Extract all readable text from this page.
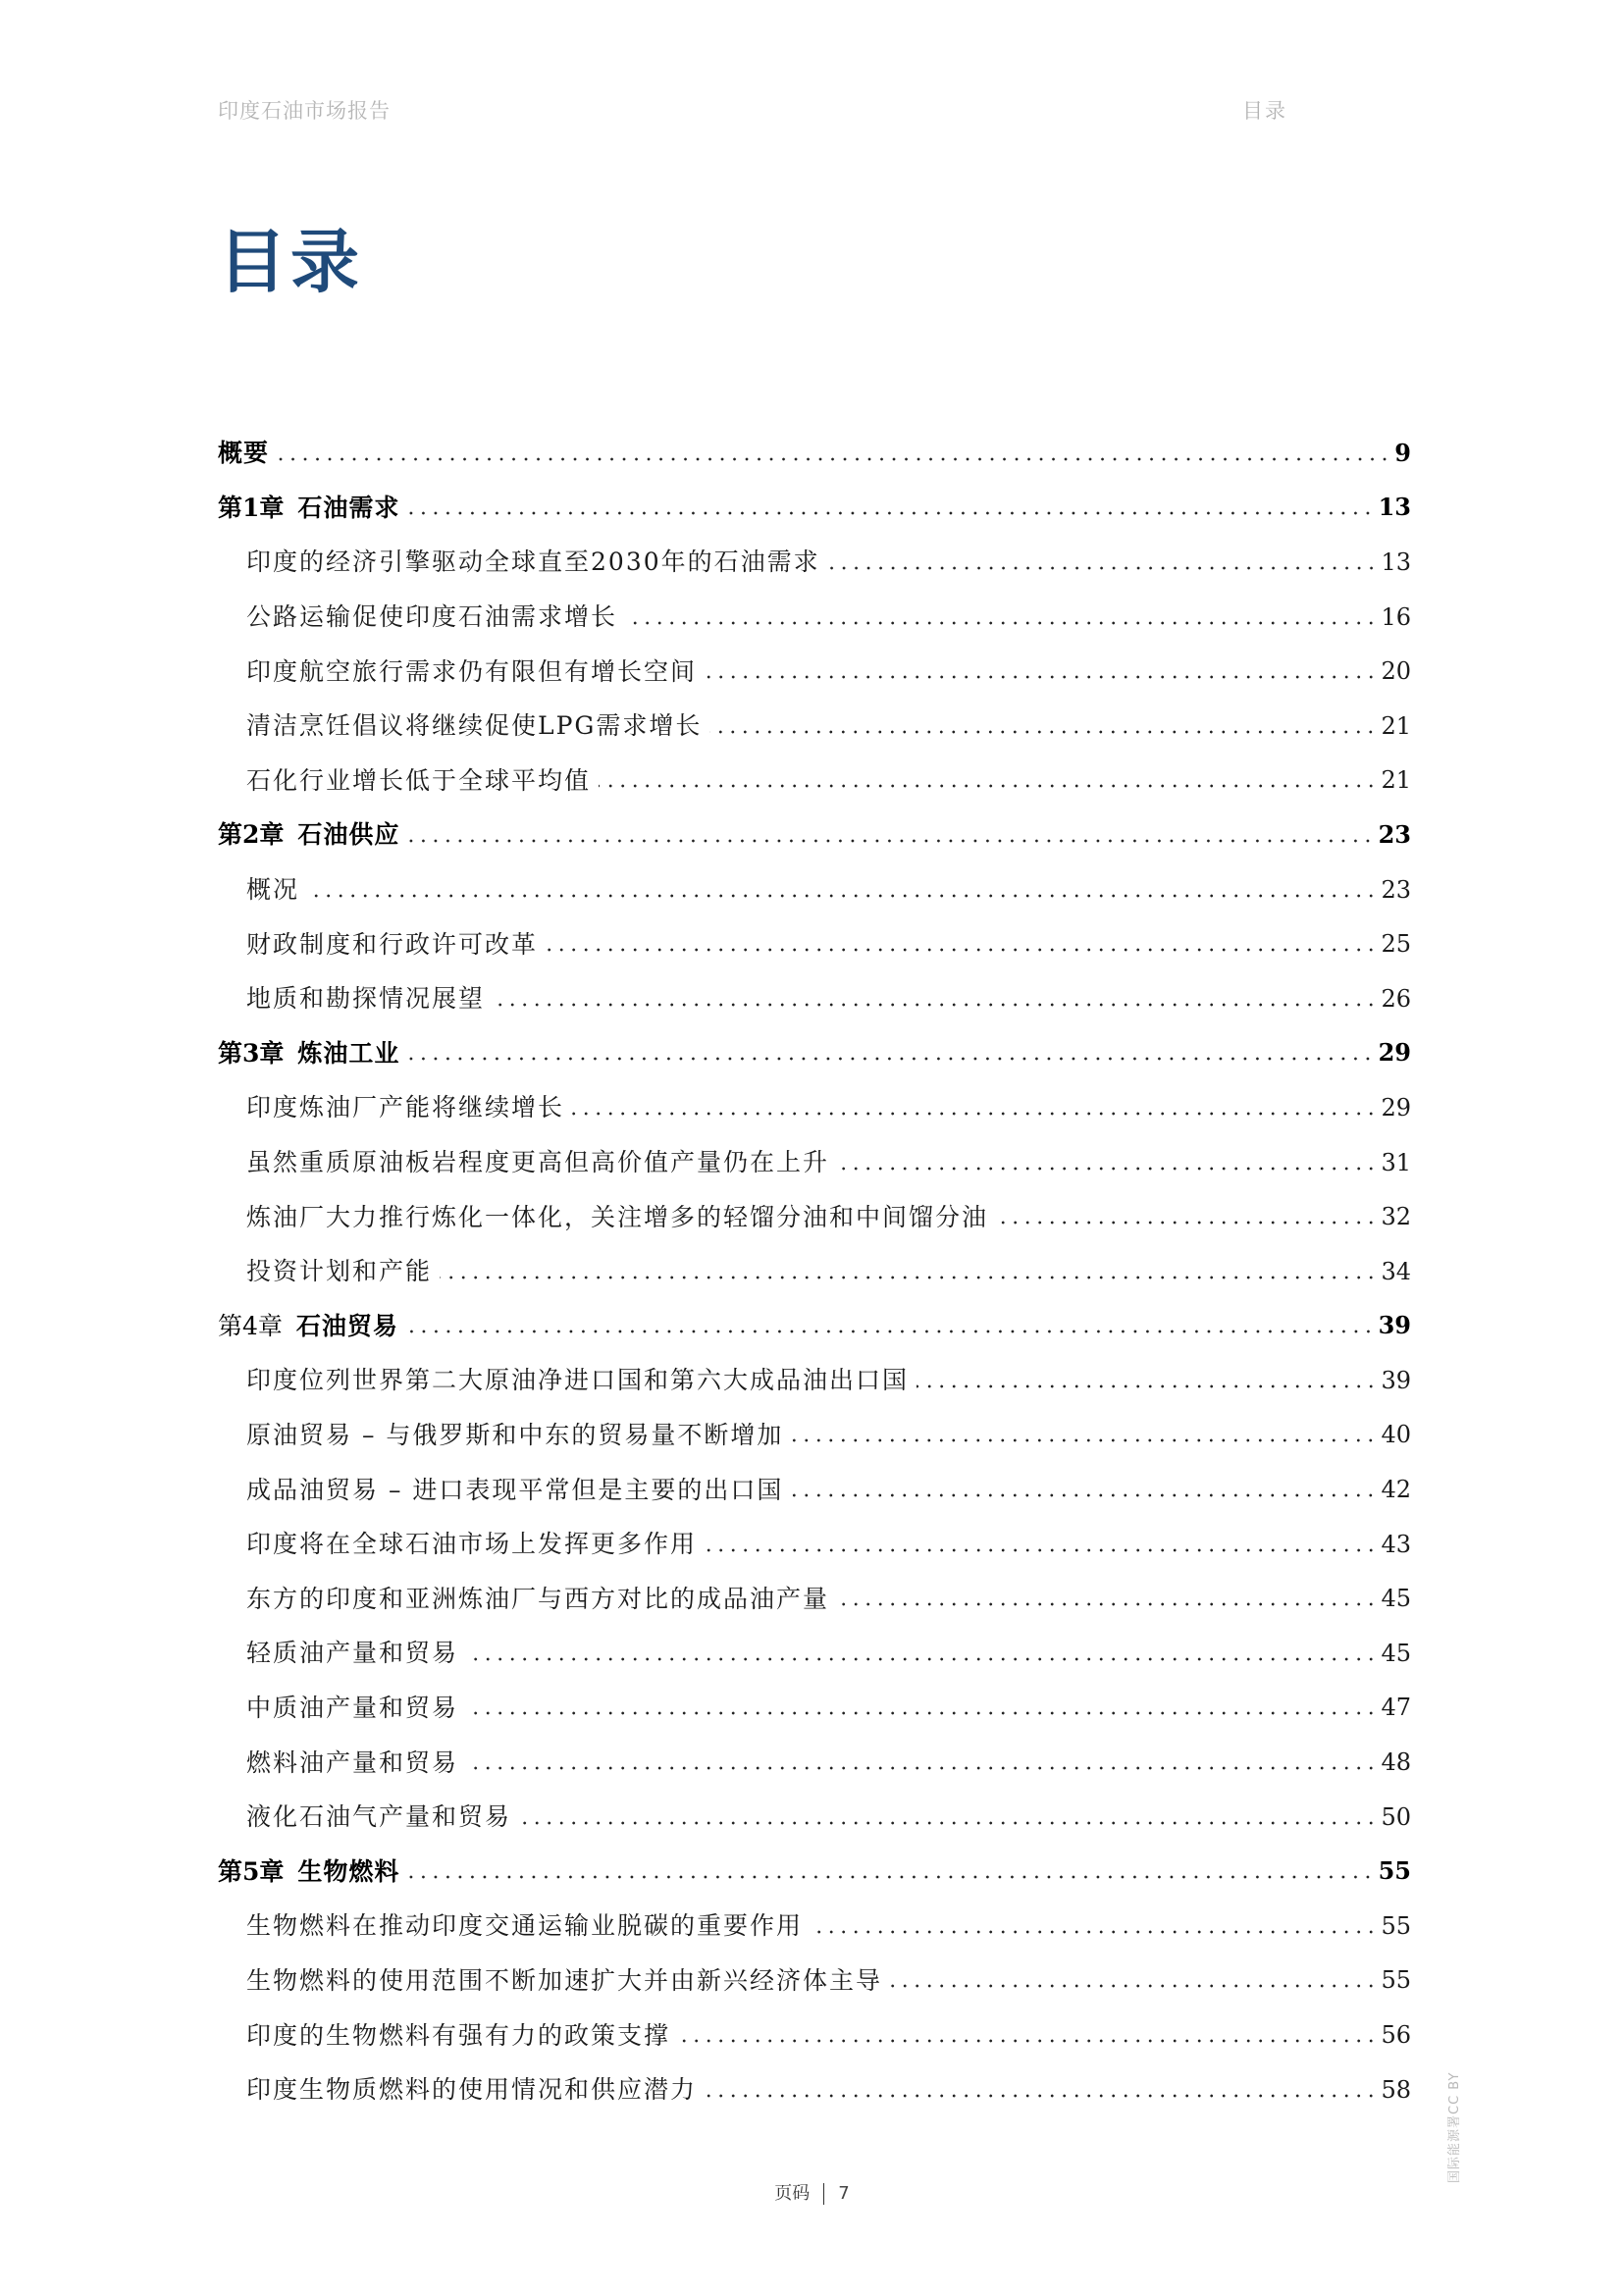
印度石油市场报告	目录
目录
概要	9
第1章 石油需求	13
印度的经济引擎驱动全球直至2030年的石油需求	13
公路运输促使印度石油需求增长	16
印度航空旅行需求仍有限但有增长空间	20
清洁烹饪倡议将继续促使LPG需求增长	21
石化行业增长低于全球平均值	21
第2章 石油供应	23
概况	23
财政制度和行政许可改革	25
地质和勘探情况展望	26
第3章 炼油工业	29
印度炼油厂产能将继续增长	29
虽然重质原油板岩程度更高但高价值产量仍在上升	31
炼油厂大力推行炼化一体化，关注增多的轻馏分油和中间馏分油	32
投资计划和产能	34
第4章 石油贸易	39
印度位列世界第二大原油净进口国和第六大成品油出口国	39
原油贸易 – 与俄罗斯和中东的贸易量不断增加	40
成品油贸易 – 进口表现平常但是主要的出口国	42
印度将在全球石油市场上发挥更多作用	43
东方的印度和亚洲炼油厂与西方对比的成品油产量	45
轻质油产量和贸易	45
中质油产量和贸易	47
燃料油产量和贸易	48
液化石油气产量和贸易	50
第5章 生物燃料	55
生物燃料在推动印度交通运输业脱碳的重要作用	55
生物燃料的使用范围不断加速扩大并由新兴经济体主导	55
印度的生物燃料有强有力的政策支撑	56
印度生物质燃料的使用情况和供应潜力	58
页码 7
国际能源署CC BY
